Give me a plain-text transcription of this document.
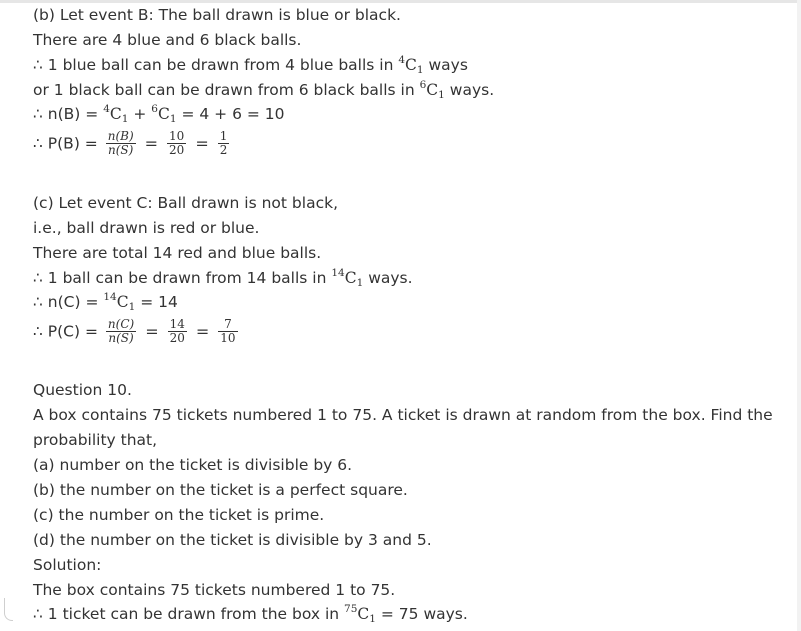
(b) Let event B: The ball drawn is blue or black.
There are 4 blue and 6 black balls.
∴ 1 blue ball can be drawn from 4 blue balls in $^4$C1 ways
or 1 black ball can be drawn from 6 black balls in $^6$C1 ways.
∴ n(B) = $^4$C1 + $^6$C1 = 4 + 6 = 10
∴ $P(B) = \frac{n(B)}{n(S)} = \frac{10}{20} = \frac{1}{2}$
(c) Let event C: Ball drawn is not black,
i.e., ball drawn is red or blue.
There are total 14 red and blue balls.
∴ 1 ball can be drawn from 14 balls in $^{14}$C1 ways.
∴ n(C) = $^{14}$C1 = 14
∴ $P(C) = \frac{n(C)}{n(S)} = \frac{14}{20} = \frac{7}{10}$
Question 10.
A box contains 75 tickets numbered 1 to 75. A ticket is drawn at random from the box. Find the
probability that,
(a) number on the ticket is divisible by 6.
(b) the number on the ticket is a perfect square.
(c) the number on the ticket is prime.
(d) the number on the ticket is divisible by 3 and 5.
Solution:
The box contains 75 tickets numbered 1 to 75.
∴ 1 ticket can be drawn from the box in $^{75}$C1 = 75 ways.
